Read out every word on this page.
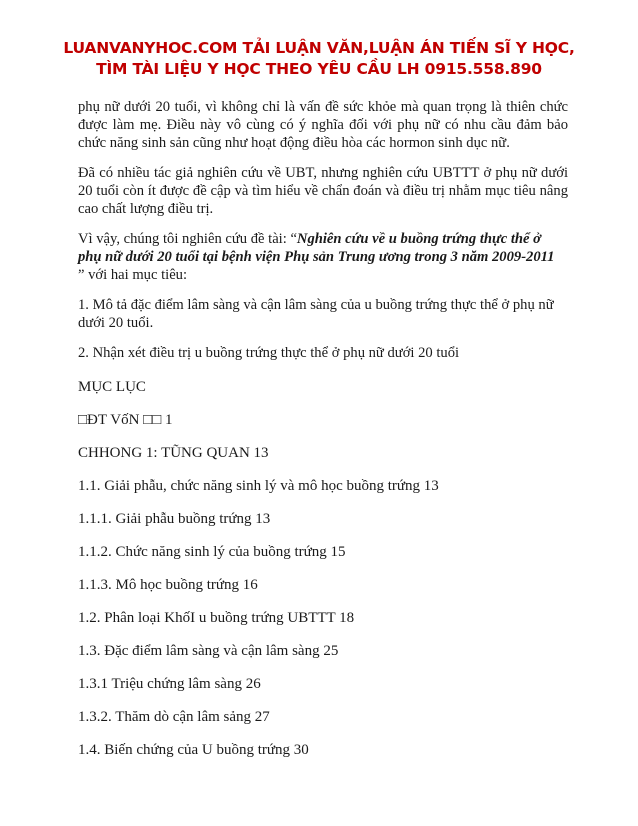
LUANVANYHOC.COM TẢI LUẬN VĂN,LUẬN ÁN TIẾN SĨ Y HỌC,
TÌM TÀI LIỆU Y HỌC THEO YÊU CẦU LH 0915.558.890

phụ nữ dưới 20 tuổi, vì không chỉ là vấn đề sức khỏe mà quan trọng là thiên chức được làm mẹ. Điều này vô cùng có ý nghĩa đối với phụ nữ có nhu cầu đảm bảo chức năng sinh sản cũng như hoạt động điều hòa các hormon sinh dục nữ.

Đã có nhiều tác giả nghiên cứu về UBT, nhưng nghiên cứu UBTTT ở phụ nữ dưới 20 tuổi còn ít được đề cập và tìm hiểu về chẩn đoán và điều trị nhằm mục tiêu nâng cao chất lượng điều trị.

Vì vậy, chúng tôi nghiên cứu đề tài: “Nghiên cứu về u buồng trứng thực thể ở phụ nữ dưới 20 tuổi tại bệnh viện Phụ sản Trung ương trong 3 năm 2009-2011
” với hai mục tiêu:

1. Mô tả đặc điểm lâm sàng và cận lâm sàng của u buồng trứng thực thể ở phụ nữ dưới 20 tuổi.

2. Nhận xét điều trị u buồng trứng thực thể ở phụ nữ dưới 20 tuổi

MỤC LỤC

□ĐT VốN □□ 1

CHHONG 1: TŨNG QUAN 13

1.1. Giải phẫu, chức năng sinh lý và mô học buồng trứng 13

1.1.1. Giải phẫu buồng trứng 13

1.1.2. Chức năng sinh lý của buồng trứng 15

1.1.3. Mô học buồng trứng 16

1.2. Phân loại KhốI u buồng trứng UBTTT 18

1.3. Đặc điểm lâm sàng và cận lâm sàng 25

1.3.1 Triệu chứng lâm sàng 26

1.3.2. Thăm dò cận lâm sảng 27

1.4. Biến chứng của U buồng trứng 30
